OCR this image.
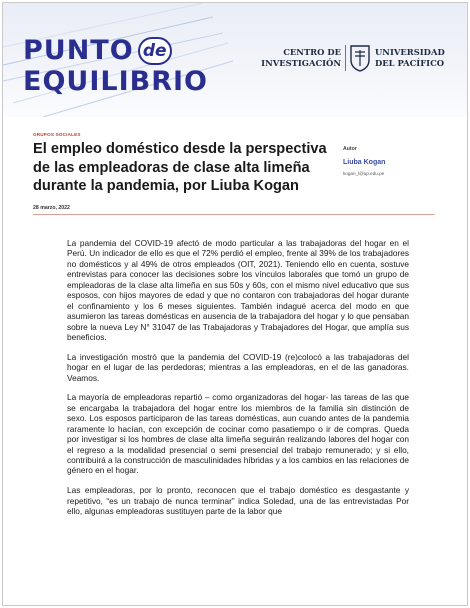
PUNTO de
EQUILIBRIO
CENTRO DE INVESTIGACIÓN
UNIVERSIDAD DEL PACÍFICO
GRUPOS SOCIALES
El empleo doméstico desde la perspectiva de las empleadoras de clase alta limeña durante la pandemia, por Liuba Kogan
28 marzo, 2022
Autor
Liuba Kogan
kogan_l@up.edu.pe

La pandemia del COVID-19 afectó de modo particular a las trabajadoras del hogar en el Perú. Un indicador de ello es que el 72% perdió el empleo, frente al 39% de los trabajadores no domésticos y al 49% de otros empleados (OIT, 2021). Teniendo ello en cuenta, sostuve entrevistas para conocer las decisiones sobre los vínculos laborales que tomó un grupo de empleadoras de la clase alta limeña en sus 50s y 60s, con el mismo nivel educativo que sus esposos, con hijos mayores de edad y que no contaron con trabajadoras del hogar durante el confinamiento y los 6 meses siguientes. También indagué acerca del modo en que asumieron las tareas domésticas en ausencia de la trabajadora del hogar y lo que pensaban sobre la nueva Ley N° 31047 de las Trabajadoras y Trabajadores del Hogar, que amplía sus beneficios.

La investigación mostró que la pandemia del COVID-19 (re)colocó a las trabajadoras del hogar en el lugar de las perdedoras; mientras a las empleadoras, en el de las ganadoras. Veamos.

La mayoría de empleadoras repartió – como organizadoras del hogar- las tareas de las que se encargaba la trabajadora del hogar entre los miembros de la familia sin distinción de sexo. Los esposos participaron de las tareas domésticas, aun cuando antes de la pandemia raramente lo hacían, con excepción de cocinar como pasatiempo o ir de compras. Queda por investigar si los hombres de clase alta limeña seguirán realizando labores del hogar con el regreso a la modalidad presencial o semi presencial del trabajo remunerado; y si ello, contribuirá a la construcción de masculinidades híbridas y a los cambios en las relaciones de género en el hogar.

Las empleadoras, por lo pronto, reconocen que el trabajo doméstico es desgastante y repetitivo, “es un trabajo de nunca terminar” indica Soledad, una de las entrevistadas Por ello, algunas empleadoras sustituyen parte de la labor que
